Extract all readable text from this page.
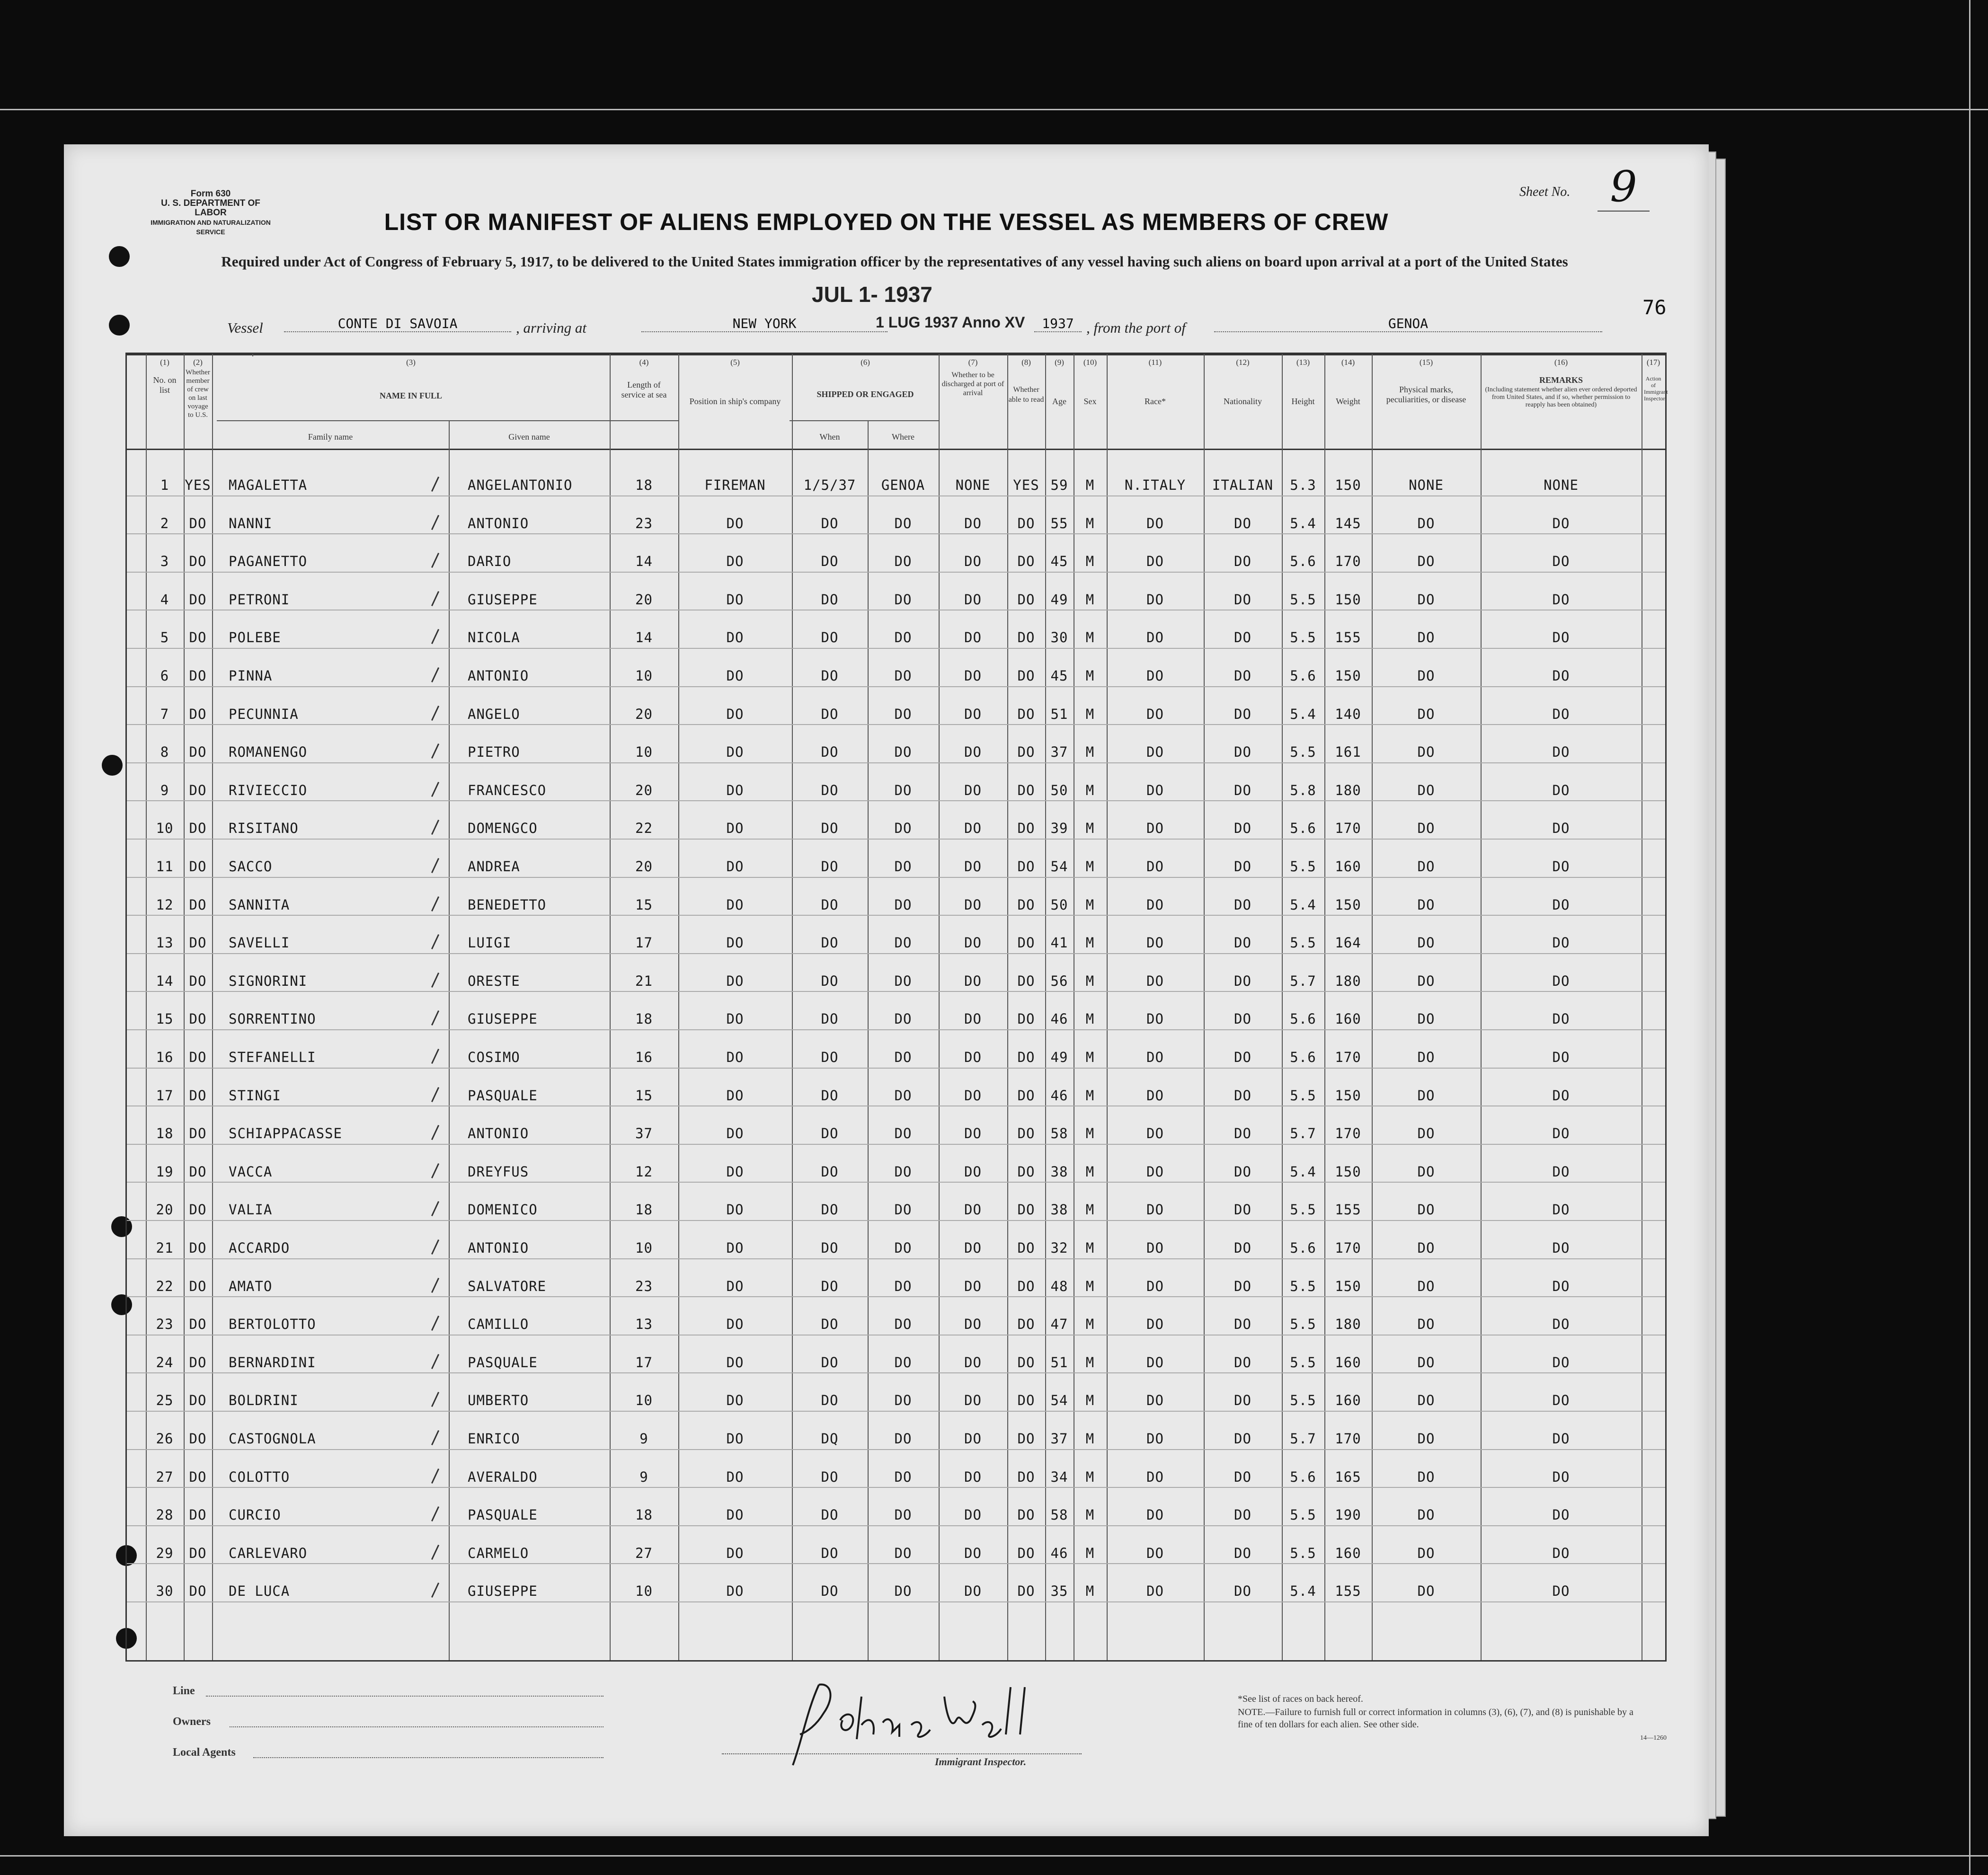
Form 630
U. S. DEPARTMENT OF LABOR
IMMIGRATION AND NATURALIZATION SERVICE
Sheet No. 9
LIST OR MANIFEST OF ALIENS EMPLOYED ON THE VESSEL AS MEMBERS OF CREW
Required under Act of Congress of February 5, 1917, to be delivered to the United States immigration officer by the representatives of any vessel having such aliens on board upon arrival at a port of the United States
76
JUL 1- 1937
1 LUG 1937 Anno XV
Vessel	CONTE DI SAVOIA	, arriving at	NEW YORK	1937 , from the port of	GENOA
(1)	(2)	(3)	(4)	(5)	(6)	(7)	(8)	(9)	(10)	(11)	(12)	(13)	(14)	(15)	(16)	(17)
No. on list
Whether member of crew on last voyage to U.S.
NAME IN FULL
Family name	Given name
Length of service at sea
Position in ship's company
SHIPPED OR ENGAGED
When	Where
Whether to be discharged at port of arrival	Whether able to read Age	Sex	Race*	Nationality	Height	Weight
Physical marks, peculiarities, or disease
REMARKS
(Including statement whether alien ever ordered deported from United States, and if so, whether permission to reapply has been obtained)
Action of Immigrant Inspector
1	YES	MAGALETTA	ANGELANTONIO	18	FIREMAN	1/5/37	GENOA	NONE	YES 59	M	N.ITALY	ITALIAN	5.3	150	NONE	NONE
2	DO	NANNI	ANTONIO	23	DO	DO	DO	DO	DO	55	M	DO	DO	5.4	145	DO	DO
3	DO	PAGANETTO	DARIO	14	DO	DO	DO	DO	DO	45	M	DO	DO	5.6	170	DO	DO
4	DO	PETRONI	GIUSEPPE	20	DO	DO	DO	DO	DO	49	M	DO	DO	5.5	150	DO	DO
5	DO	POLEBE	NICOLA	14	DO	DO	DO	DO	DO	30	M	DO	DO	5.5	155	DO	DO
6	DO	PINNA	ANTONIO	10	DO	DO	DO	DO	DO	45	M	DO	DO	5.6	150	DO	DO
7	DO	PECUNNIA	ANGELO	20	DO	DO	DO	DO	DO	51	M	DO	DO	5.4	140	DO	DO
8	DO	ROMANENGO	PIETRO	10	DO	DO	DO	DO	DO	37	M	DO	DO	5.5	161	DO	DO
9	DO	RIVIECCIO	FRANCESCO	20	DO	DO	DO	DO	DO	50	M	DO	DO	5.8	180	DO	DO
10	DO	RISITANO	DOMENGCO	22	DO	DO	DO	DO	DO	39	M	DO	DO	5.6	170	DO	DO
11	DO	SACCO	ANDREA	20	DO	DO	DO	DO	DO	54	M	DO	DO	5.5	160	DO	DO
12	DO	SANNITA	BENEDETTO	15	DO	DO	DO	DO	DO	50	M	DO	DO	5.4	150	DO	DO
13	DO	SAVELLI	LUIGI	17	DO	DO	DO	DO	DO	41	M	DO	DO	5.5	164	DO	DO
14	DO	SIGNORINI	ORESTE	21	DO	DO	DO	DO	DO	56	M	DO	DO	5.7	180	DO	DO
15	DO	SORRENTINO	GIUSEPPE	18	DO	DO	DO	DO	DO	46	M	DO	DO	5.6	160	DO	DO
16	DO	STEFANELLI	COSIMO	16	DO	DO	DO	DO	DO	49	M	DO	DO	5.6	170	DO	DO
17	DO	STINGI	PASQUALE	15	DO	DO	DO	DO	DO	46	M	DO	DO	5.5	150	DO	DO
18	DO	SCHIAPPACASSE	ANTONIO	37	DO	DO	DO	DO	DO	58	M	DO	DO	5.7	170	DO	DO
19	DO	VACCA	DREYFUS	12	DO	DO	DO	DO	DO	38	M	DO	DO	5.4	150	DO	DO
20	DO	VALIA	DOMENICO	18	DO	DO	DO	DO	DO	38	M	DO	DO	5.5	155	DO	DO
21	DO	ACCARDO	ANTONIO	10	DO	DO	DO	DO	DO	32	M	DO	DO	5.6	170	DO	DO
22	DO	AMATO	SALVATORE	23	DO	DO	DO	DO	DO	48	M	DO	DO	5.5	150	DO	DO
23	DO	BERTOLOTTO	CAMILLO	13	DO	DO	DO	DO	DO	47	M	DO	DO	5.5	180	DO	DO
24	DO	BERNARDINI	PASQUALE	17	DO	DO	DO	DO	DO	51	M	DO	DO	5.5	160	DO	DO
25	DO	BOLDRINI	UMBERTO	10	DO	DO	DO	DO	DO	54	M	DO	DO	5.5	160	DO	DO
26	DO	CASTOGNOLA	ENRICO	9	DO	DQ	DO	DO	DO	37	M	DO	DO	5.7	170	DO	DO
27	DO	COLOTTO	AVERALDO	9	DO	DO	DO	DO	DO	34	M	DO	DO	5.6	165	DO	DO
28	DO	CURCIO	PASQUALE	18	DO	DO	DO	DO	DO	58	M	DO	DO	5.5	190	DO	DO
29	DO	CARLEVARO	CARMELO	27	DO	DO	DO	DO	DO	46	M	DO	DO	5.5	160	DO	DO
30	DO	DE LUCA	GIUSEPPE	10	DO	DO	DO	DO	DO	35	M	DO	DO	5.4	155	DO	DO
Line
Owners
Local Agents
Immigrant Inspector.
*See list of races on back hereof.
NOTE.—Failure to furnish full or correct information in columns (3), (6), (7), and (8) is punishable by a fine of ten dollars for each alien. See other side.
14—1260
